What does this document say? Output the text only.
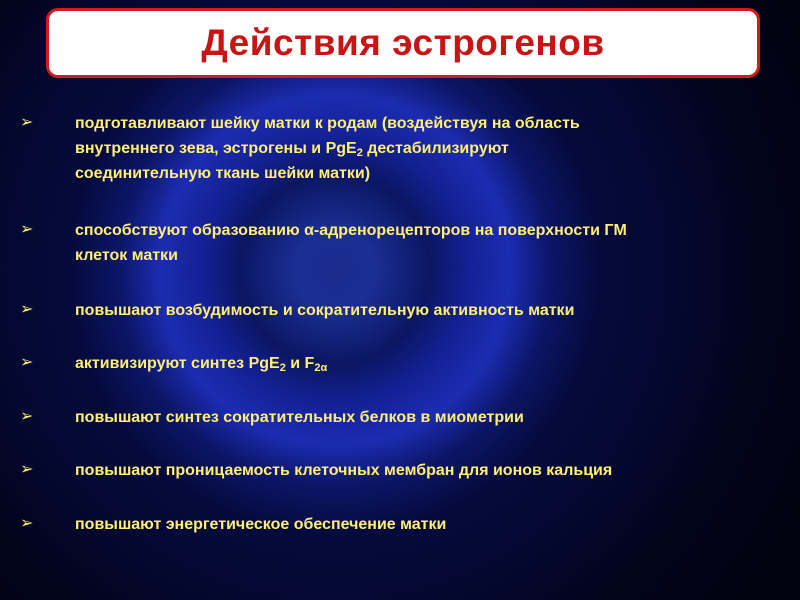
Действия эстрогенов
➢	подготавливают шейку матки к родам (воздействуя на область
внутреннего зева, эстрогены и PgE$_2$ дестабилизируют
соединительную ткань шейки матки)
➢	способствуют образованию α-адренорецепторов на поверхности ГМ
клеток матки
➢	повышают возбудимость и сократительную активность матки
➢	активизируют синтез PgE$_2$ и $F_{2\alpha}$
➢	повышают синтез сократительных белков в миометрии
➢	повышают проницаемость клеточных мембран для ионов кальция
➢	повышают энергетическое обеспечение матки
